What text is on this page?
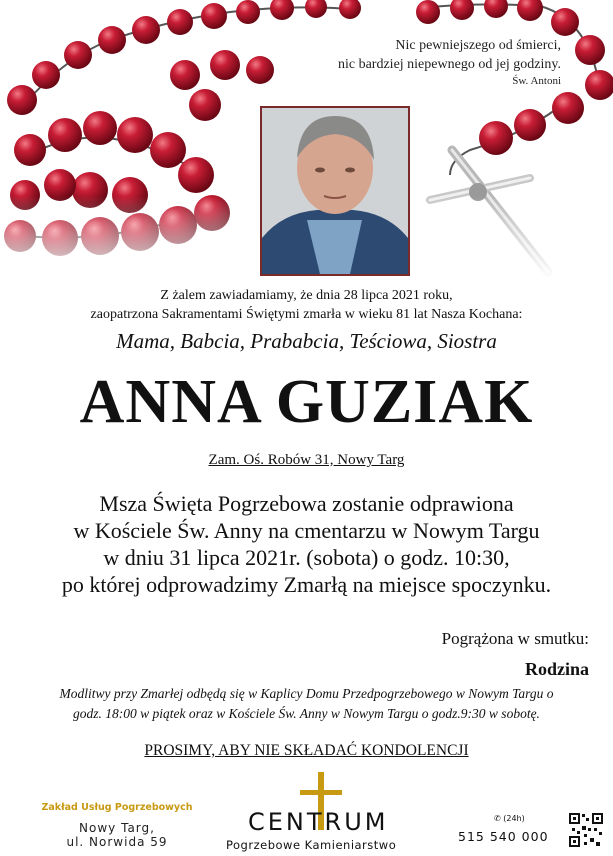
Nic pewniejszego od śmierci,
nic bardziej niepewnego od jej godziny.
Św. Antoni
Z żalem zawiadamiamy, że dnia 28 lipca 2021 roku,
zaopatrzona Sakramentami Świętymi zmarła w wieku 81 lat Nasza Kochana:
Mama, Babcia, Prababcia, Teściowa, Siostra
ANNA GUZIAK
Zam. Oś. Robów 31, Nowy Targ
Msza Święta Pogrzebowa zostanie odprawiona
w Kościele Św. Anny na cmentarzu w Nowym Targu
w dniu 31 lipca 2021r. (sobota) o godz. 10:30,
po której odprowadzimy Zmarłą na miejsce spoczynku.
Pogrążona w smutku:
Rodzina
Modlitwy przy Zmarłej odbędą się w Kaplicy Domu Przedpogrzebowego w Nowym Targu o
godz. 18:00 w piątek oraz w Kościele Św. Anny w Nowym Targu o godz.9:30 w sobotę.
PROSIMY, ABY NIE SKŁADAĆ KONDOLENCJI
Zakład Usług Pogrzebowych
Nowy Targ,
ul. Norwida 59
CENTRUM
Pogrzebowe Kamieniarstwo
✆ (24h)
515 540 000
